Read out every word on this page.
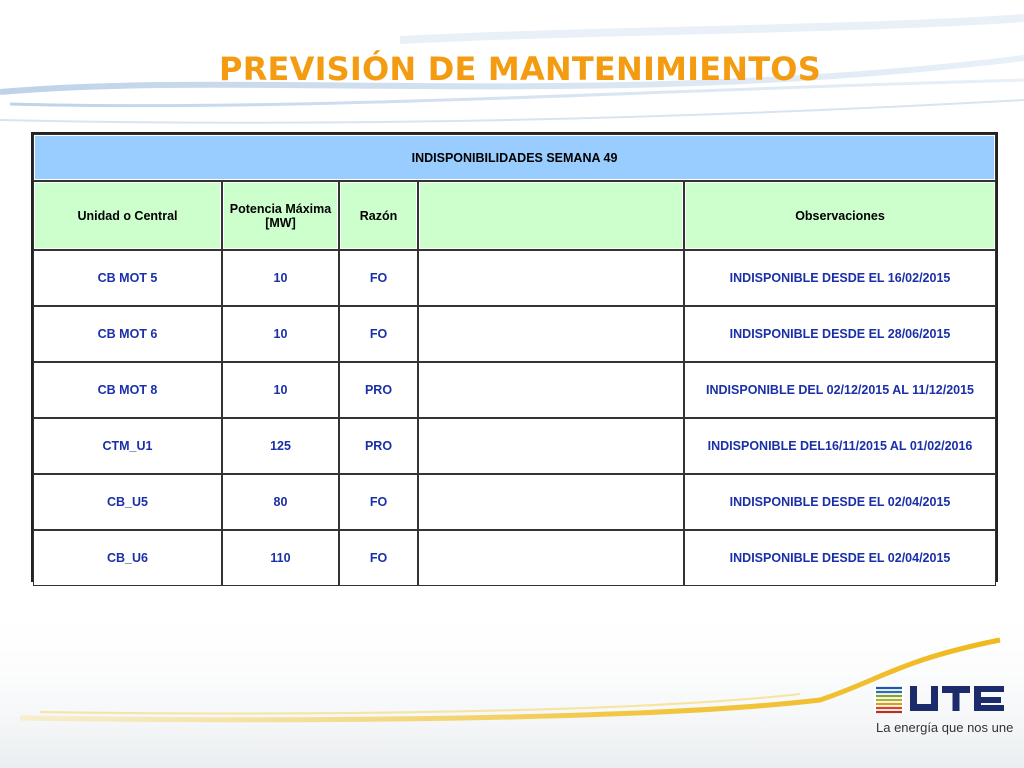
PREVISIÓN DE MANTENIMIENTOS
INDISPONIBILIDADES SEMANA 49				
Unidad o Central	Potencia Máxima [MW]	Razón		Observaciones
CB MOT 5	10	FO		INDISPONIBLE DESDE EL 16/02/2015
CB MOT 6	10	FO		INDISPONIBLE DESDE EL 28/06/2015
CB MOT 8	10	PRO		INDISPONIBLE DEL 02/12/2015 AL 11/12/2015
CTM_U1	125	PRO		INDISPONIBLE DEL16/11/2015 AL 01/02/2016
CB_U5	80	FO		INDISPONIBLE DESDE EL 02/04/2015
CB_U6	110	FO		INDISPONIBLE DESDE EL 02/04/2015
La energía que nos une
